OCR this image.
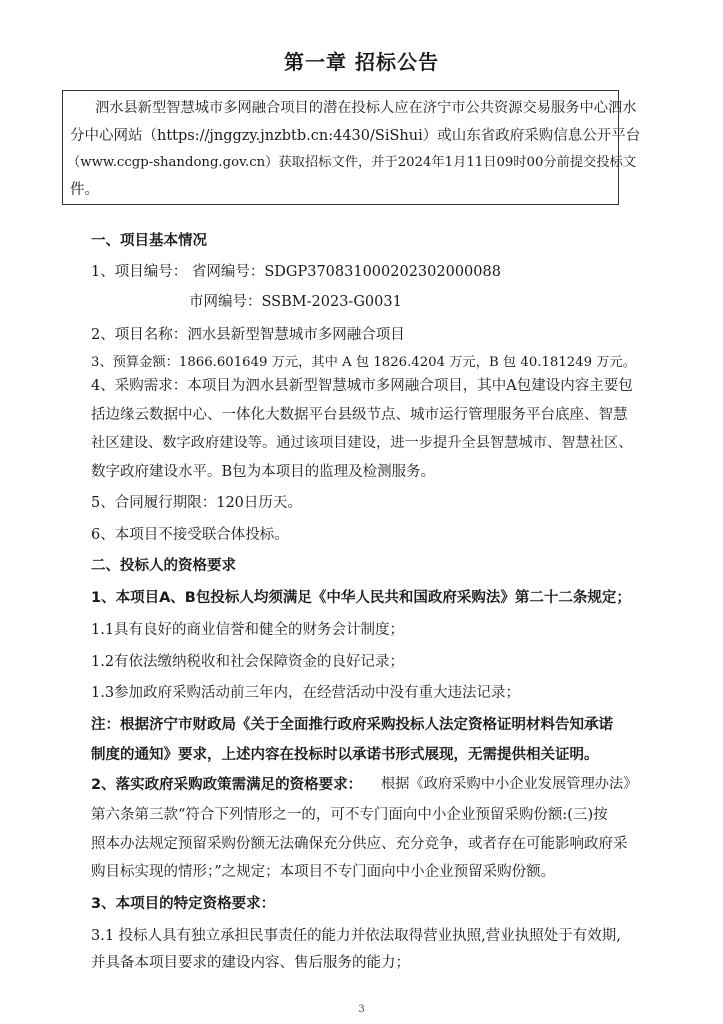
第一章 招标公告
泗水县新型智慧城市多网融合项目的潜在投标人应在济宁市公共资源交易服务中心泗水
分中心网站（https://jnggzy.jnzbtb.cn:4430/SiShui）或山东省政府采购信息公开平台
（www.ccgp-shandong.gov.cn）获取招标文件，并于2024年1月11日09时00分前提交投标文
件。
一、项目基本情况
1、项目编号： 省网编号：SDGP370831000202302000088
市网编号：SSBM-2023-G0031
2、项目名称：泗水县新型智慧城市多网融合项目
3、预算金额：1866.601649 万元，其中 A 包 1826.4204 万元，B 包 40.181249 万元。
4、采购需求：本项目为泗水县新型智慧城市多网融合项目，其中A包建设内容主要包
括边缘云数据中心、一体化大数据平台县级节点、城市运行管理服务平台底座、智慧
社区建设、数字政府建设等。通过该项目建设，进一步提升全县智慧城市、智慧社区、
数字政府建设水平。B包为本项目的监理及检测服务。
5、合同履行期限：120日历天。
6、本项目不接受联合体投标。
二、投标人的资格要求
1、本项目A、B包投标人均须满足《中华人民共和国政府采购法》第二十二条规定；
1.1具有良好的商业信誉和健全的财务会计制度；
1.2有依法缴纳税收和社会保障资金的良好记录；
1.3参加政府采购活动前三年内，在经营活动中没有重大违法记录；
注：根据济宁市财政局《关于全面推行政府采购投标人法定资格证明材料告知承诺
制度的通知》要求，上述内容在投标时以承诺书形式展现，无需提供相关证明。
2、落实政府采购政策需满足的资格要求： 根据《政府采购中小企业发展管理办法》
第六条第三款“符合下列情形之一的，可不专门面向中小企业预留采购份额:(三)按
照本办法规定预留采购份额无法确保充分供应、充分竞争，或者存在可能影响政府采
购目标实现的情形；”之规定；本项目不专门面向中小企业预留采购份额。
3、本项目的特定资格要求：
3.1 投标人具有独立承担民事责任的能力并依法取得营业执照,营业执照处于有效期,
并具备本项目要求的建设内容、售后服务的能力；
3
